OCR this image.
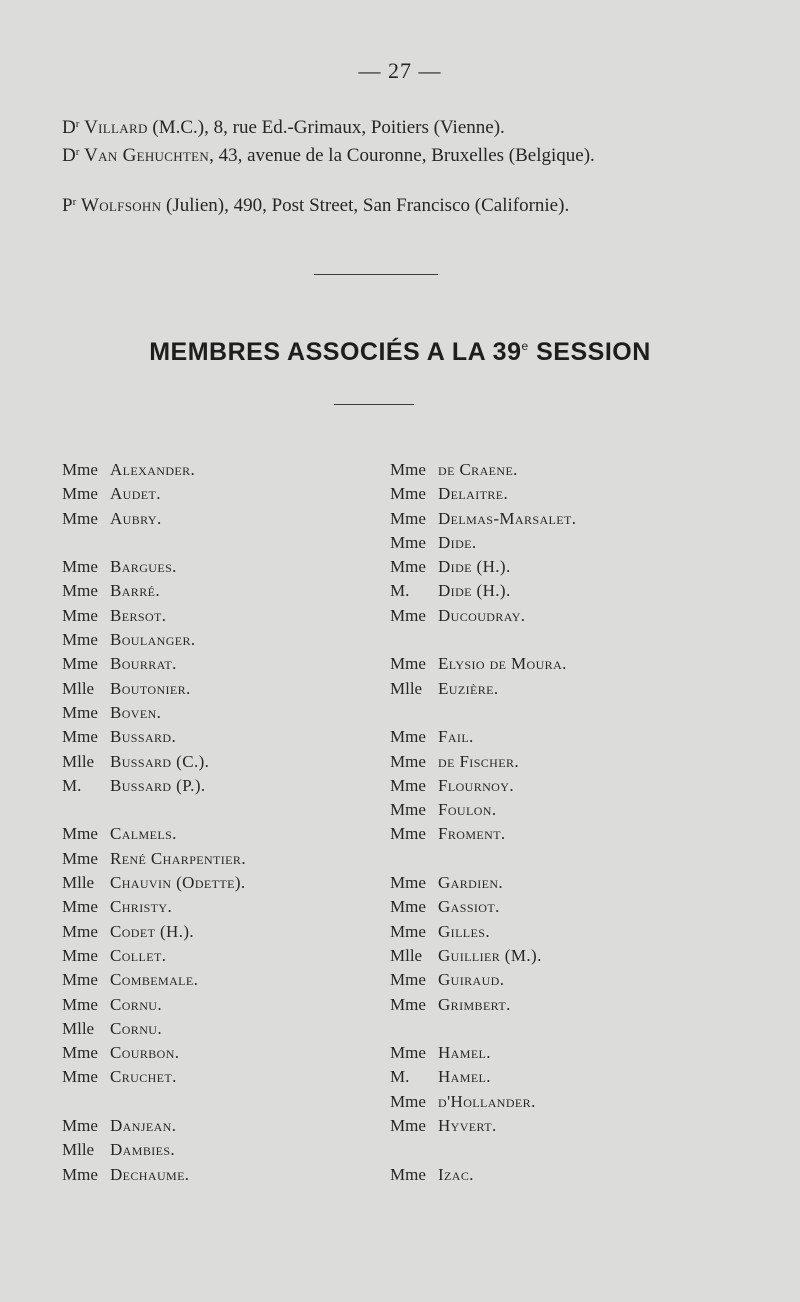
— 27 —

$D^r$ Villard (M.C.), 8, rue Ed.-Grimaux, Poitiers (Vienne).

$D^r$ Van Gehuchten, 43, avenue de la Couronne, Bruxelles (Belgique).

$P^r$ Wolfsohn (Julien), 490, Post Street, San Francisco (Californie).

MEMBRES ASSOCIÉS A LA 39e SESSION
Mme Alexander.
Mme Audet.
Mme Aubry.
Mme Bargues.
Mme Barré.
Mme Bersot.
Mme Boulanger.
Mme Bourrat.
Mlle Boutonier.
Mme Boven.
Mme Bussard.
Mlle Bussard (C.).
M. Bussard (P.).
Mme Calmels.
Mme René Charpentier.
Mlle Chauvin (Odette).
Mme Christy.
Mme Codet (H.).
Mme Collet.
Mme Combemale.
Mme Cornu.
Mlle Cornu.
Mme Courbon.
Mme Cruchet.
Mme Danjean.
Mlle Dambies.
Mme Dechaume.
Mme de Craene.
Mme Delaitre.
Mme Delmas-Marsalet.
Mme Dide.
Mme Dide (H.).
M. Dide (H.).
Mme Ducoudray.
Mme Elysio de Moura.
Mlle Euzière.
Mme Fail.
Mme de Fischer.
Mme Flournoy.
Mme Foulon.
Mme Froment.
Mme Gardien.
Mme Gassiot.
Mme Gilles.
Mlle Guillier (M.).
Mme Guiraud.
Mme Grimbert.
Mme Hamel.
M. Hamel.
Mme d'Hollander.
Mme Hyvert.
Mme Izac.
